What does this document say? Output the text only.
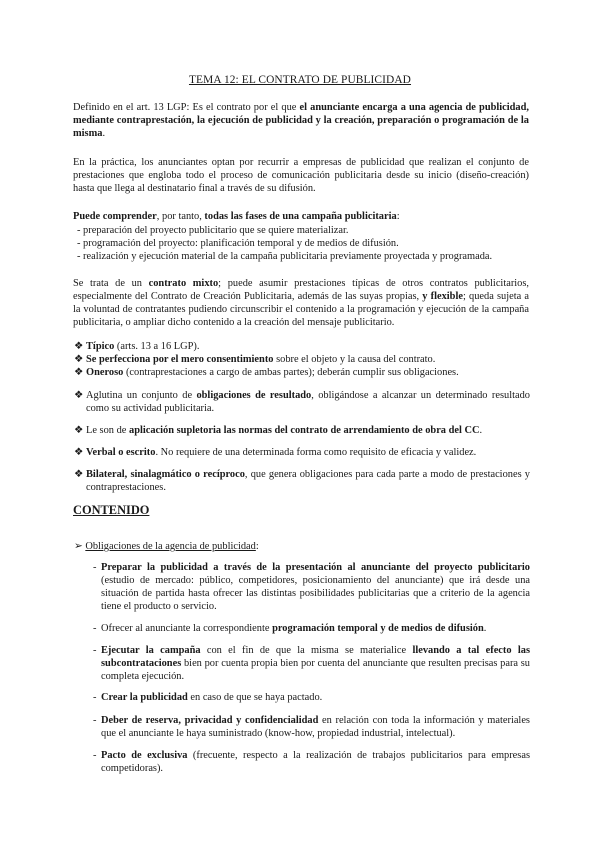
TEMA 12: EL CONTRATO DE PUBLICIDAD
Definido en el art. 13 LGP: Es el contrato por el que el anunciante encarga a una agencia de publicidad, mediante contraprestación, la ejecución de publicidad y la creación, preparación o programación de la misma.
En la práctica, los anunciantes optan por recurrir a empresas de publicidad que realizan el conjunto de prestaciones que engloba todo el proceso de comunicación publicitaria desde su inicio (diseño-creación) hasta que llega al destinatario final a través de su difusión.
Puede comprender, por tanto, todas las fases de una campaña publicitaria:
- preparación del proyecto publicitario que se quiere materializar.
- programación del proyecto: planificación temporal y de medios de difusión.
- realización y ejecución material de la campaña publicitaria previamente proyectada y programada.
Se trata de un contrato mixto; puede asumir prestaciones típicas de otros contratos publicitarios, especialmente del Contrato de Creación Publicitaria, además de las suyas propias, y flexible; queda sujeta a la voluntad de contratantes pudiendo circunscribir el contenido a la programación y ejecución de la campaña publicitaria, o ampliar dicho contenido a la creación del mensaje publicitario.
❖ Típico (arts. 13 a 16 LGP).
❖ Se perfecciona por el mero consentimiento sobre el objeto y la causa del contrato.
❖ Oneroso (contraprestaciones a cargo de ambas partes); deberán cumplir sus obligaciones.
❖ Aglutina un conjunto de obligaciones de resultado, obligándose a alcanzar un determinado resultado como su actividad publicitaria.
❖ Le son de aplicación supletoria las normas del contrato de arrendamiento de obra del CC.
❖ Verbal o escrito. No requiere de una determinada forma como requisito de eficacia y validez.
❖ Bilateral, sinalagmático o recíproco, que genera obligaciones para cada parte a modo de prestaciones y contraprestaciones.
CONTENIDO
➢ Obligaciones de la agencia de publicidad:
- Preparar la publicidad a través de la presentación al anunciante del proyecto publicitario (estudio de mercado: público, competidores, posicionamiento del anunciante) que irá desde una situación de partida hasta ofrecer las distintas posibilidades publicitarias que a criterio de la agencia tiene el producto o servicio.
- Ofrecer al anunciante la correspondiente programación temporal y de medios de difusión.
- Ejecutar la campaña con el fin de que la misma se materialice llevando a tal efecto las subcontrataciones bien por cuenta propia bien por cuenta del anunciante que resulten precisas para su completa ejecución.
- Crear la publicidad en caso de que se haya pactado.
- Deber de reserva, privacidad y confidencialidad en relación con toda la información y materiales que el anunciante le haya suministrado (know-how, propiedad industrial, intelectual).
- Pacto de exclusiva (frecuente, respecto a la realización de trabajos publicitarios para empresas competidoras).
